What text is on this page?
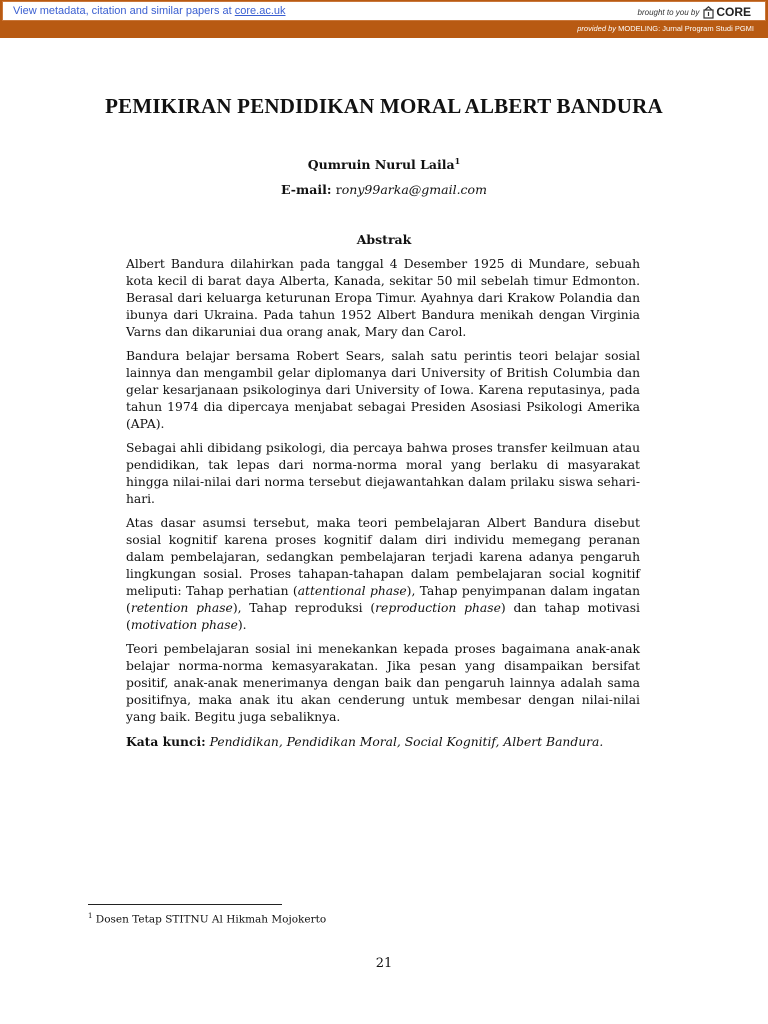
View metadata, citation and similar papers at core.ac.uk	brought to you by CORE
provided by MODELING: Jurnal Program Studi PGMI
PEMIKIRAN PENDIDIKAN MORAL ALBERT BANDURA
Qumruin Nurul Laila$^1$
E-mail: rony99arka@gmail.com
Abstrak

Albert Bandura dilahirkan pada tanggal 4 Desember 1925 di Mundare, sebuah kota kecil di barat daya Alberta, Kanada, sekitar 50 mil sebelah timur Edmonton. Berasal dari keluarga keturunan Eropa Timur. Ayahnya dari Krakow Polandia dan ibunya dari Ukraina. Pada tahun 1952 Albert Bandura menikah dengan Virginia Varns dan dikaruniai dua orang anak, Mary dan Carol.

Bandura belajar bersama Robert Sears, salah satu perintis teori belajar sosial lainnya dan mengambil gelar diplomanya dari University of British Columbia dan gelar kesarjanaan psikologinya dari University of Iowa. Karena reputasinya, pada tahun 1974 dia dipercaya menjabat sebagai Presiden Asosiasi Psikologi Amerika (APA).

Sebagai ahli dibidang psikologi, dia percaya bahwa proses transfer keilmuan atau pendidikan, tak lepas dari norma-norma moral yang berlaku di masyarakat hingga nilai-nilai dari norma tersebut diejawantahkan dalam prilaku siswa sehari-hari.

Atas dasar asumsi tersebut, maka teori pembelajaran Albert Bandura disebut sosial kognitif karena proses kognitif dalam diri individu memegang peranan dalam pembelajaran, sedangkan pembelajaran terjadi karena adanya pengaruh lingkungan sosial. Proses tahapan-tahapan dalam pembelajaran social kognitif meliputi: Tahap perhatian (attentional phase), Tahap penyimpanan dalam ingatan (retention phase), Tahap reproduksi (reproduction phase) dan tahap motivasi (motivation phase).

Teori pembelajaran sosial ini menekankan kepada proses bagaimana anak-anak belajar norma-norma kemasyarakatan. Jika pesan yang disampaikan bersifat positif, anak-anak menerimanya dengan baik dan pengaruh lainnya adalah sama positifnya, maka anak itu akan cenderung untuk membesar dengan nilai-nilai yang baik. Begitu juga sebaliknya.

Kata kunci: Pendidikan, Pendidikan Moral, Social Kognitif, Albert Bandura.

$^1$ Dosen Tetap STITNU Al Hikmah Mojokerto
21
